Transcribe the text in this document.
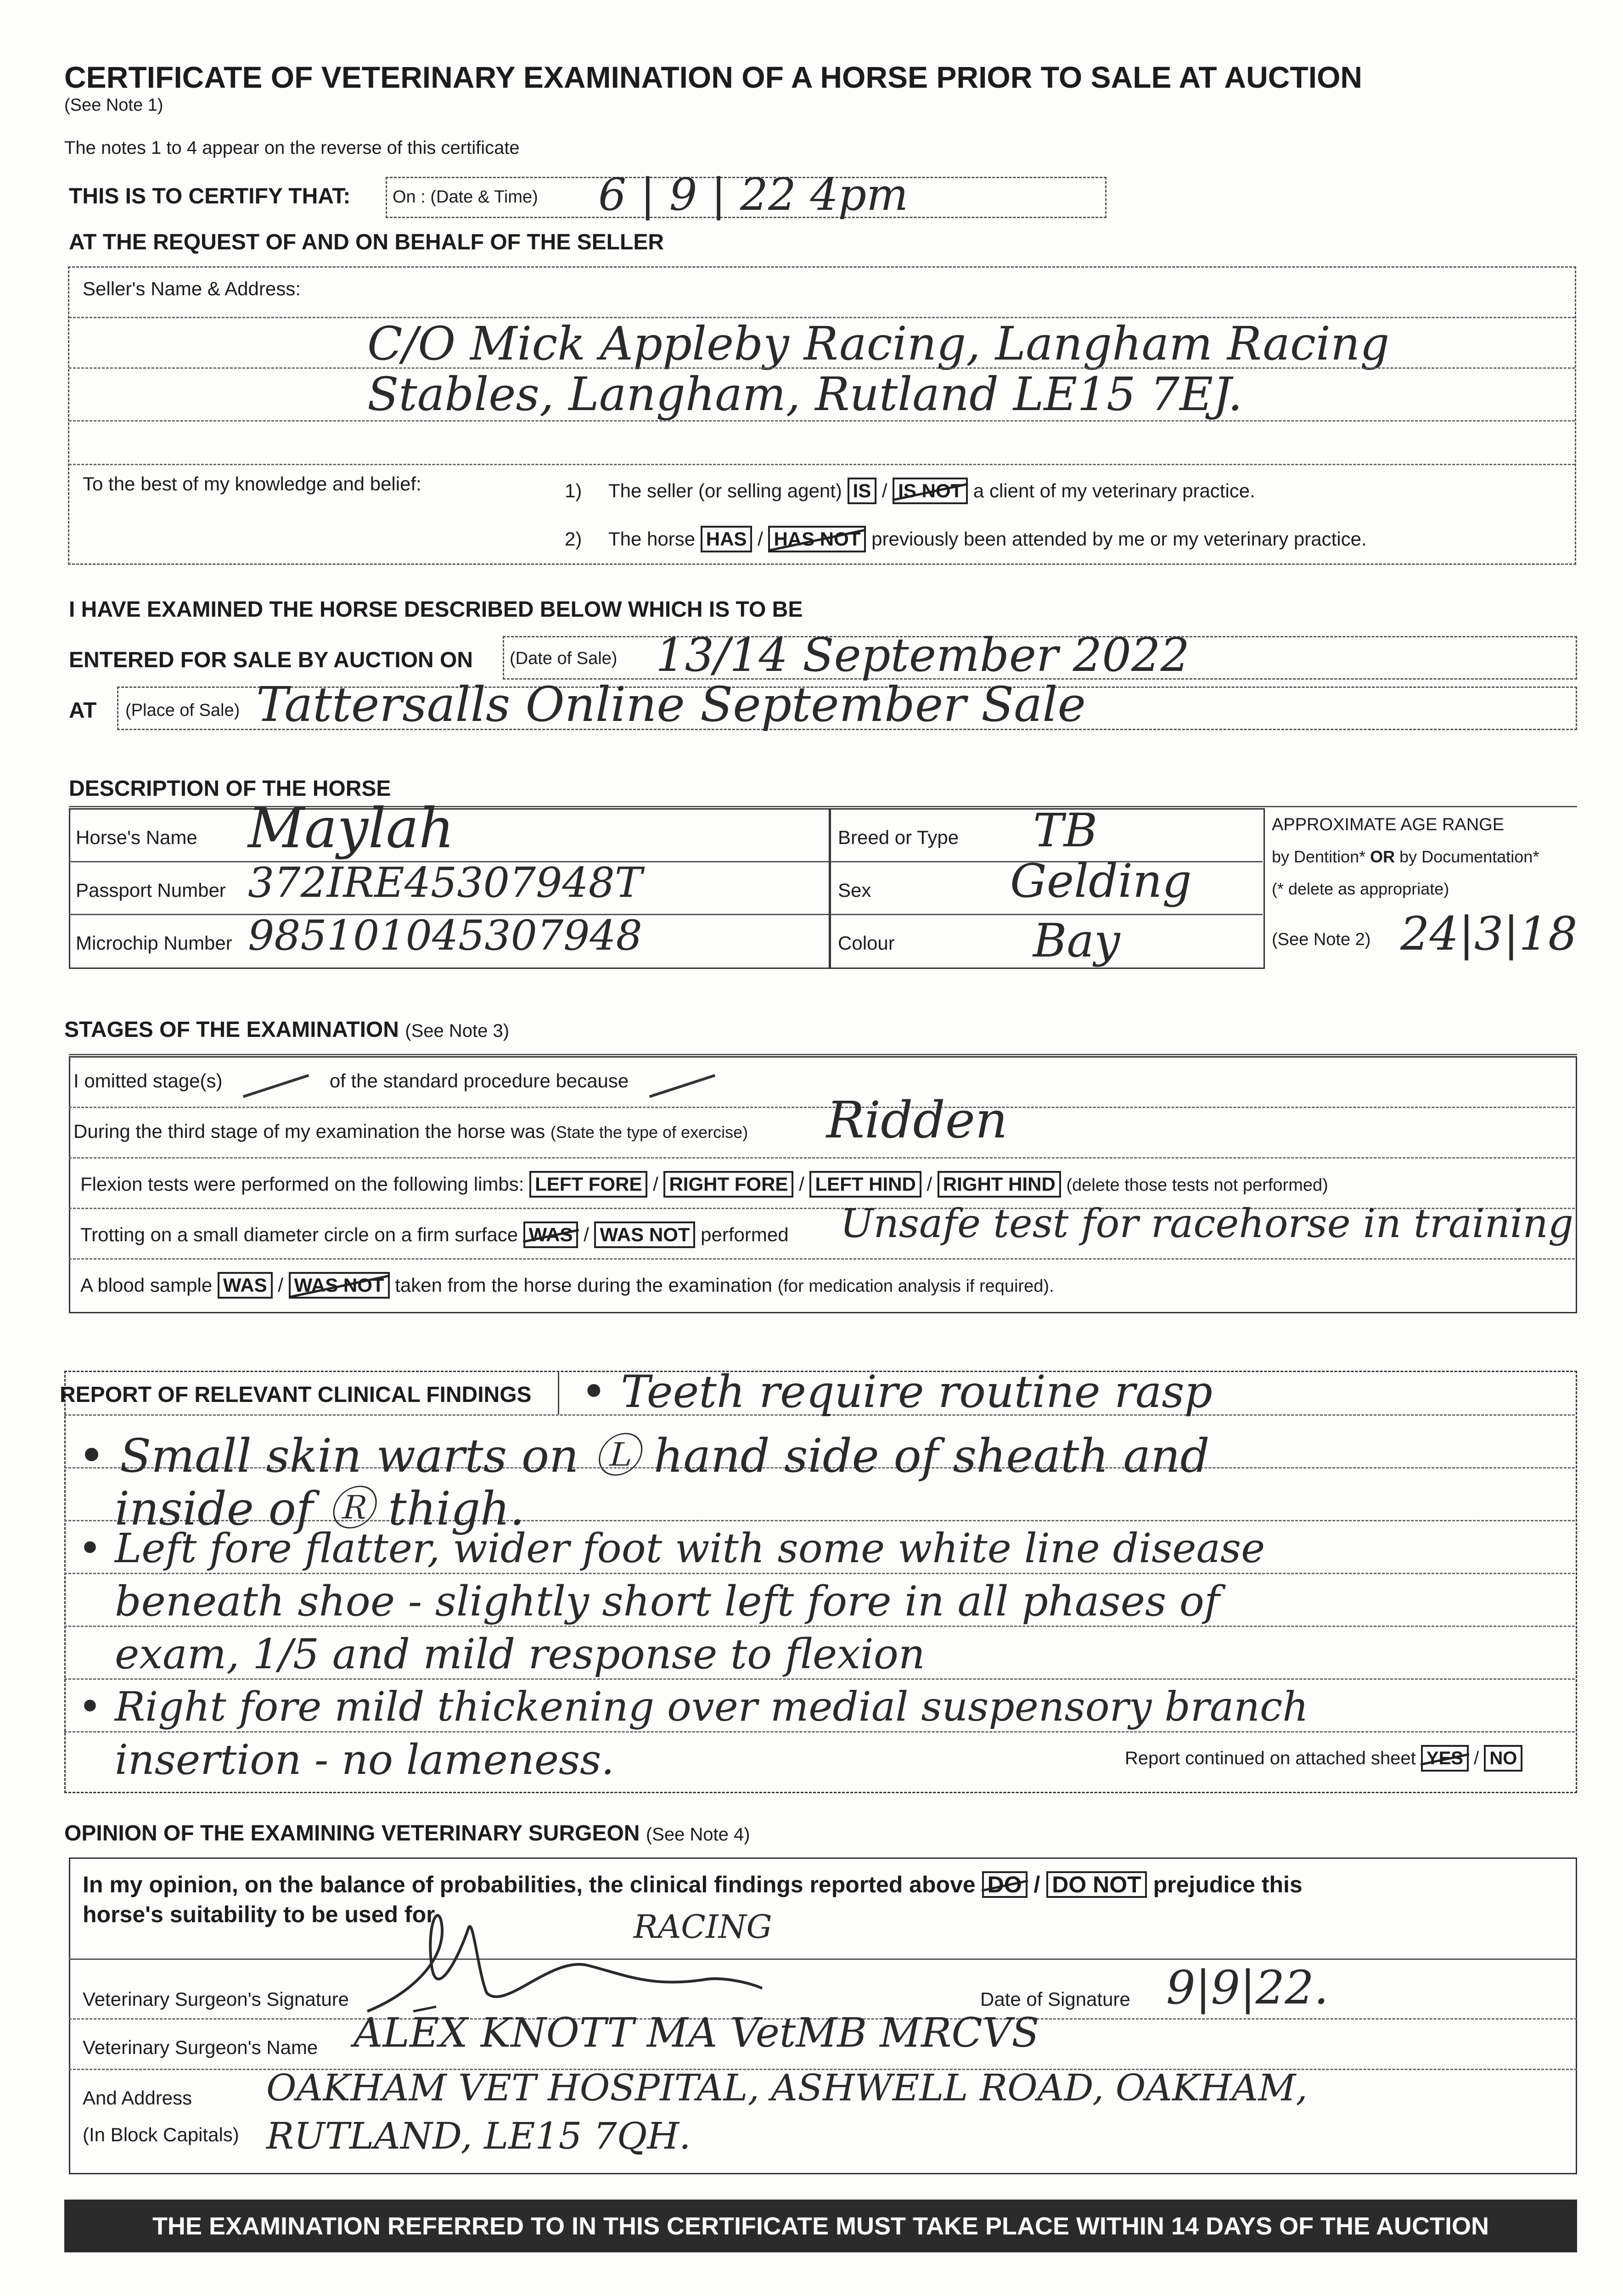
CERTIFICATE OF VETERINARY EXAMINATION OF A HORSE PRIOR TO SALE AT AUCTION
(See Note 1)
The notes 1 to 4 appear on the reverse of this certificate
THIS IS TO CERTIFY THAT: On : (Date & Time) 6 | 9 | 22 4pm
AT THE REQUEST OF AND ON BEHALF OF THE SELLER
Seller's Name & Address:
C/O Mick Appleby Racing, Langham Racing
Stables, Langham, Rutland LE15 7EJ.
To the best of my knowledge and belief:	1) The seller (or selling agent) IS / IS NOT a client of my veterinary practice.
2) The horse HAS / HAS NOT previously been attended by me or my veterinary practice.
I HAVE EXAMINED THE HORSE DESCRIBED BELOW WHICH IS TO BE
ENTERED FOR SALE BY AUCTION ON (Date of Sale) 13/14 September 2022
AT (Place of Sale) Tattersalls Online September Sale
DESCRIPTION OF THE HORSE
Horse's Name Maylah
Passport Number 372IRE45307948T
Microchip Number 985101045307948
Breed or Type TB
Sex	Gelding
Colour	Bay
APPROXIMATE AGE RANGE
by Dentition* OR by Documentation*
(* delete as appropriate)
(See Note 2) 24|3|18
STAGES OF THE EXAMINATION (See Note 3)
I omitted stage(s)	of the standard procedure because
During the third stage of my examination the horse was (State the type of exercise) Ridden
Flexion tests were performed on the following limbs: LEFT FORE / RIGHT FORE / LEFT HIND / RIGHT HIND (delete those tests not performed)
Trotting on a small diameter circle on a firm surface WAS / WAS NOT performed Unsafe test for racehorse in training
A blood sample WAS / WAS NOT taken from the horse during the examination (for medication analysis if required).
REPORT OF RELEVANT CLINICAL FINDINGS • Teeth require routine rasp
• Small skin warts on Ⓛ hand side of sheath and
inside of Ⓡ thigh.
• Left fore flatter, wider foot with some white line disease
beneath shoe - slightly short left fore in all phases of
exam, 1/5 and mild response to flexion
• Right fore mild thickening over medial suspensory branch
insertion - no lameness.	Report continued on attached sheet YES / NO
OPINION OF THE EXAMINING VETERINARY SURGEON (See Note 4)
In my opinion, on the balance of probabilities, the clinical findings reported above DO / DO NOT prejudice this
horse's suitability to be used for	RACING
Veterinary Surgeon's Signature	Date of Signature 9|9|22.
Veterinary Surgeon's Name ALEX KNOTT MA VetMB MRCVS
And Address
(In Block Capitals)
OAKHAM VET HOSPITAL, ASHWELL ROAD, OAKHAM,
RUTLAND, LE15 7QH.
THE EXAMINATION REFERRED TO IN THIS CERTIFICATE MUST TAKE PLACE WITHIN 14 DAYS OF THE AUCTION
